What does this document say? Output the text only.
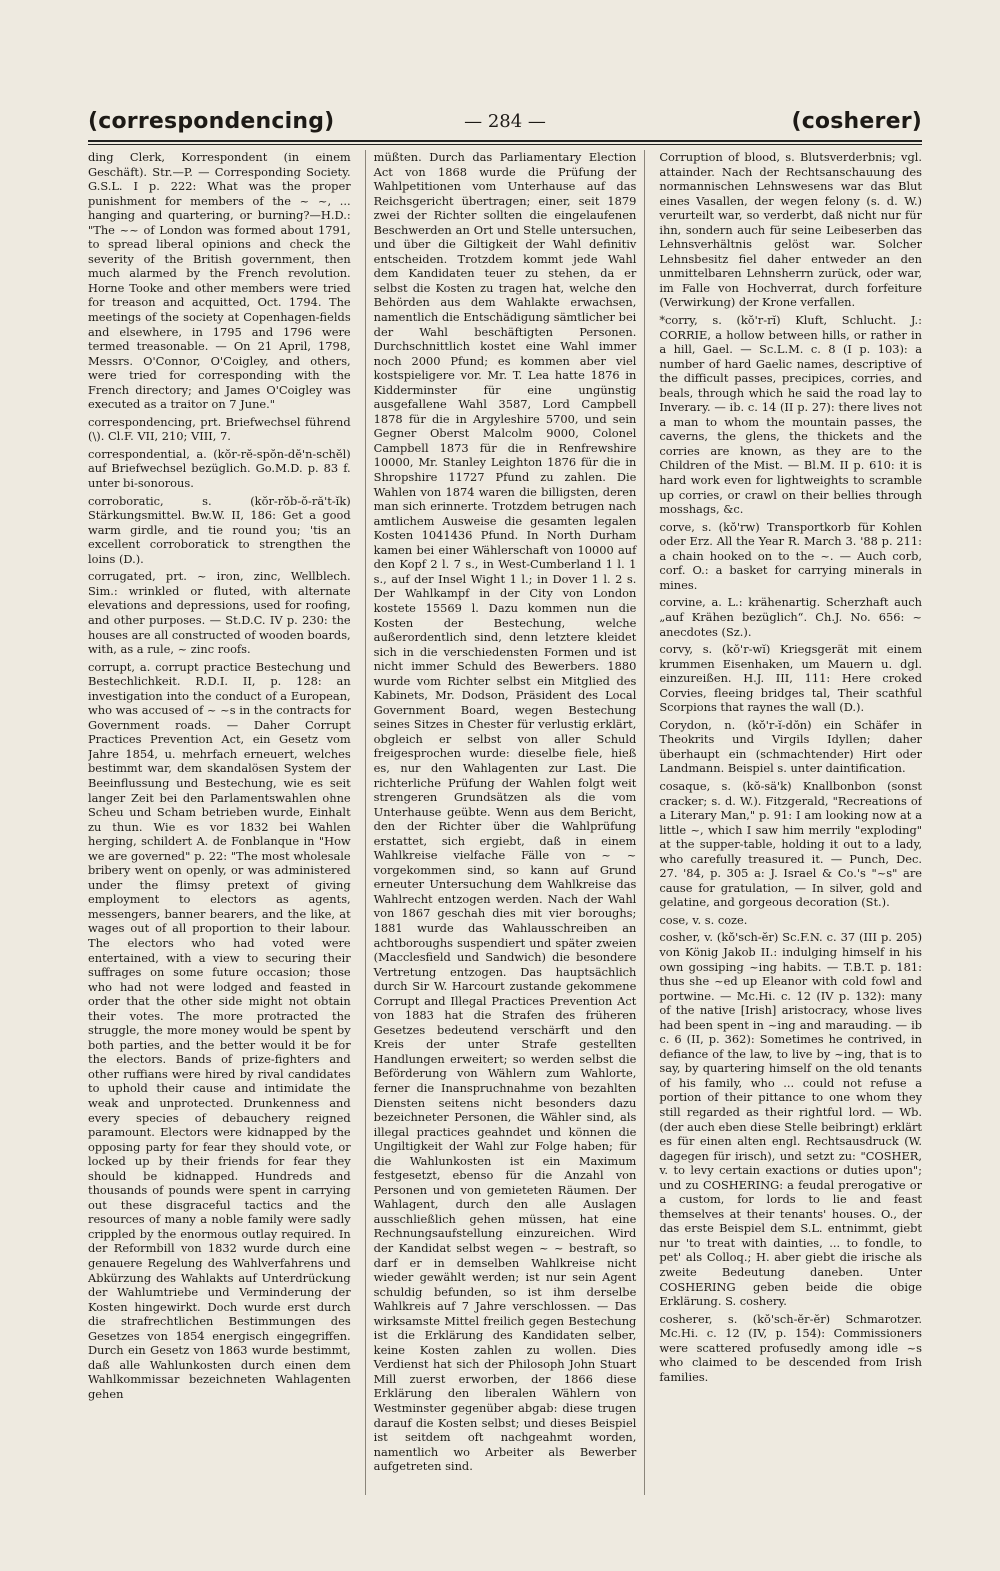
(correspondencing)	— 284 —	(cosherer)

ding Clerk, Korrespondent (in einem Geschäft). Str.—P. — Corresponding Society. G.S.L. I p. 222: What was the proper punishment for members of the ~ ~, ... hanging and quartering, or burning?—H.D.: "The ~~ of London was formed about 1791, to spread liberal opinions and check the severity of the British government, then much alarmed by the French revolution. Horne Tooke and other members were tried for treason and acquitted, Oct. 1794. The meetings of the society at Copenhagen-fields and elsewhere, in 1795 and 1796 were termed treasonable. — On 21 April, 1798, Messrs. O'Connor, O'Coigley, and others, were tried for corresponding with the French directory; and James O'Coigley was executed as a traitor on 7 June."

correspondencing, prt. Briefwechsel führend (\). Cl.F. VII, 210; VIII, 7.

correspondential, a. (kŏr-rĕ-spŏn-dĕ'n-schĕl) auf Briefwechsel bezüglich. Go.M.D. p. 83 f. unter bi-sonorous.

corroboratic, s. (kŏr-rŏb-ŏ-ră't-ĭk) Stärkungsmittel. Bw.W. II, 186: Get a good warm girdle, and tie round you; 'tis an excellent corroboratick to strengthen the loins (D.).

corrugated, prt. ~ iron, zinc, Wellblech. Sim.: wrinkled or fluted, with alternate elevations and depressions, used for roofing, and other purposes. — St.D.C. IV p. 230: the houses are all constructed of wooden boards, with, as a rule, ~ zinc roofs.

corrupt, a. corrupt practice Bestechung und Bestechlichkeit. R.D.I. II, p. 128: an investigation into the conduct of a European, who was accused of ~ ~s in the contracts for Government roads. — Daher Corrupt Practices Prevention Act, ein Gesetz vom Jahre 1854, u. mehrfach erneuert, welches bestimmt war, dem skandalösen System der Beeinflussung und Bestechung, wie es seit langer Zeit bei den Parlamentswahlen ohne Scheu und Scham betrieben wurde, Einhalt zu thun. Wie es vor 1832 bei Wahlen herging, schildert A. de Fonblanque in "How we are governed" p. 22: "The most wholesale bribery went on openly, or was administered under the flimsy pretext of giving employment to electors as agents, messengers, banner bearers, and the like, at wages out of all proportion to their labour. The electors who had voted were entertained, with a view to securing their suffrages on some future occasion; those who had not were lodged and feasted in order that the other side might not obtain their votes. The more protracted the struggle, the more money would be spent by both parties, and the better would it be for the electors. Bands of prize-fighters and other ruffians were hired by rival candidates to uphold their cause and intimidate the weak and unprotected. Drunkenness and every species of debauchery reigned paramount. Electors were kidnapped by the opposing party for fear they should vote, or locked up by their friends for fear they should be kidnapped. Hundreds and thousands of pounds were spent in carrying out these disgraceful tactics and the resources of many a noble family were sadly crippled by the enormous outlay required. In der Reformbill von 1832 wurde durch eine genauere Regelung des Wahlverfahrens und Abkürzung des Wahlakts auf Unterdrückung der Wahlumtriebe und Verminderung der Kosten hingewirkt. Doch wurde erst durch die strafrechtlichen Bestimmungen des Gesetzes von 1854 energisch eingegriffen. Durch ein Gesetz von 1863 wurde bestimmt, daß alle Wahlunkosten durch einen dem Wahlkommissar bezeichneten Wahlagenten gehen

müßten. Durch das Parliamentary Election Act von 1868 wurde die Prüfung der Wahlpetitionen vom Unterhause auf das Reichsgericht übertragen; einer, seit 1879 zwei der Richter sollten die eingelaufenen Beschwerden an Ort und Stelle untersuchen, und über die Giltigkeit der Wahl definitiv entscheiden. Trotzdem kommt jede Wahl dem Kandidaten teuer zu stehen, da er selbst die Kosten zu tragen hat, welche den Behörden aus dem Wahlakte erwachsen, namentlich die Entschädigung sämtlicher bei der Wahl beschäftigten Personen. Durchschnittlich kostet eine Wahl immer noch 2000 Pfund; es kommen aber viel kostspieligere vor. Mr. T. Lea hatte 1876 in Kidderminster für eine ungünstig ausgefallene Wahl 3587, Lord Campbell 1878 für die in Argyleshire 5700, und sein Gegner Oberst Malcolm 9000, Colonel Campbell 1873 für die in Renfrewshire 10000, Mr. Stanley Leighton 1876 für die in Shropshire 11727 Pfund zu zahlen. Die Wahlen von 1874 waren die billigsten, deren man sich erinnerte. Trotzdem betrugen nach amtlichem Ausweise die gesamten legalen Kosten 1041436 Pfund. In North Durham kamen bei einer Wählerschaft von 10000 auf den Kopf 2 l. 7 s., in West-Cumberland 1 l. 1 s., auf der Insel Wight 1 l.; in Dover 1 l. 2 s. Der Wahlkampf in der City von London kostete 15569 l. Dazu kommen nun die Kosten der Bestechung, welche außerordentlich sind, denn letztere kleidet sich in die verschiedensten Formen und ist nicht immer Schuld des Bewerbers. 1880 wurde vom Richter selbst ein Mitglied des Kabinets, Mr. Dodson, Präsident des Local Government Board, wegen Bestechung seines Sitzes in Chester für verlustig erklärt, obgleich er selbst von aller Schuld freigesprochen wurde: dieselbe fiele, hieß es, nur den Wahlagenten zur Last. Die richterliche Prüfung der Wahlen folgt weit strengeren Grundsätzen als die vom Unterhause geübte. Wenn aus dem Bericht, den der Richter über die Wahlprüfung erstattet, sich ergiebt, daß in einem Wahlkreise vielfache Fälle von ~ ~ vorgekommen sind, so kann auf Grund erneuter Untersuchung dem Wahlkreise das Wahlrecht entzogen werden. Nach der Wahl von 1867 geschah dies mit vier boroughs; 1881 wurde das Wahlausschreiben an achtboroughs suspendiert und später zweien (Macclesfield und Sandwich) die besondere Vertretung entzogen. Das hauptsächlich durch Sir W. Harcourt zustande gekommene Corrupt and Illegal Practices Prevention Act von 1883 hat die Strafen des früheren Gesetzes bedeutend verschärft und den Kreis der unter Strafe gestellten Handlungen erweitert; so werden selbst die Beförderung von Wählern zum Wahlorte, ferner die Inanspruchnahme von bezahlten Diensten seitens nicht besonders dazu bezeichneter Personen, die Wähler sind, als illegal practices geahndet und können die Ungiltigkeit der Wahl zur Folge haben; für die Wahlunkosten ist ein Maximum festgesetzt, ebenso für die Anzahl von Personen und von gemieteten Räumen. Der Wahlagent, durch den alle Auslagen ausschließlich gehen müssen, hat eine Rechnungsaufstellung einzureichen. Wird der Kandidat selbst wegen ~ ~ bestraft, so darf er in demselben Wahlkreise nicht wieder gewählt werden; ist nur sein Agent schuldig befunden, so ist ihm derselbe Wahlkreis auf 7 Jahre verschlossen. — Das wirksamste Mittel freilich gegen Bestechung ist die Erklärung des Kandidaten selber, keine Kosten zahlen zu wollen. Dies Verdienst hat sich der Philosoph John Stuart Mill zuerst erworben, der 1866 diese Erklärung den liberalen Wählern von Westminster gegenüber abgab: diese trugen darauf die Kosten selbst; und dieses Beispiel ist seitdem oft nachgeahmt worden, namentlich wo Arbeiter als Bewerber aufgetreten sind.

Corruption of blood, s. Blutsverderbnis; vgl. attainder. Nach der Rechtsanschauung des normannischen Lehnswesens war das Blut eines Vasallen, der wegen felony (s. d. W.) verurteilt war, so verderbt, daß nicht nur für ihn, sondern auch für seine Leibeserben das Lehnsverhältnis gelöst war. Solcher Lehnsbesitz fiel daher entweder an den unmittelbaren Lehnsherrn zurück, oder war, im Falle von Hochverrat, durch forfeiture (Verwirkung) der Krone verfallen.

*corry, s. (kŏ'r-rĭ) Kluft, Schlucht. J.: CORRIE, a hollow between hills, or rather in a hill, Gael. — Sc.L.M. c. 8 (I p. 103): a number of hard Gaelic names, descriptive of the difficult passes, precipices, corries, and beals, through which he said the road lay to Inverary. — ib. c. 14 (II p. 27): there lives not a man to whom the mountain passes, the caverns, the glens, the thickets and the corries are known, as they are to the Children of the Mist. — Bl.M. II p. 610: it is hard work even for lightweights to scramble up corries, or crawl on their bellies through mosshags, &c.

corve, s. (kŏ'rw) Transportkorb für Kohlen oder Erz. All the Year R. March 3. '88 p. 211: a chain hooked on to the ~. — Auch corb, corf. O.: a basket for carrying minerals in mines.

corvine, a. L.: krähenartig. Scherzhaft auch „auf Krähen bezüglich“. Ch.J. No. 656: ~ anecdotes (Sz.).

corvy, s. (kŏ'r-wĭ) Kriegsgerät mit einem krummen Eisenhaken, um Mauern u. dgl. einzureißen. H.J. III, 111: Here croked Corvies, fleeing bridges tal, Their scathful Scorpions that raynes the wall (D.).

Corydon, n. (kŏ'r-ĭ-dŏn) ein Schäfer in Theokrits und Virgils Idyllen; daher überhaupt ein (schmachtender) Hirt oder Landmann. Beispiel s. unter daintification.

cosaque, s. (kŏ-sä'k) Knallbonbon (sonst cracker; s. d. W.). Fitzgerald, "Recreations of a Literary Man," p. 91: I am looking now at a little ~, which I saw him merrily "exploding" at the supper-table, holding it out to a lady, who carefully treasured it. — Punch, Dec. 27. '84, p. 305 a: J. Israel & Co.'s "~s" are cause for gratulation, — In silver, gold and gelatine, and gorgeous decoration (St.).

cose, v. s. coze.

cosher, v. (kŏ'sch-ĕr) Sc.F.N. c. 37 (III p. 205) von König Jakob II.: indulging himself in his own gossiping ~ing habits. — T.B.T. p. 181: thus she ~ed up Eleanor with cold fowl and portwine. — Mc.Hi. c. 12 (IV p. 132): many of the native [Irish] aristocracy, whose lives had been spent in ~ing and marauding. — ib c. 6 (II, p. 362): Sometimes he contrived, in defiance of the law, to live by ~ing, that is to say, by quartering himself on the old tenants of his family, who ... could not refuse a portion of their pittance to one whom they still regarded as their rightful lord. — Wb. (der auch eben diese Stelle beibringt) erklärt es für einen alten engl. Rechtsausdruck (W. dagegen für irisch), und setzt zu: "COSHER, v. to levy certain exactions or duties upon"; und zu COSHERING: a feudal prerogative or a custom, for lords to lie and feast themselves at their tenants' houses. O., der das erste Beispiel dem S.L. entnimmt, giebt nur 'to treat with dainties, ... to fondle, to pet' als Colloq.; H. aber giebt die irische als zweite Bedeutung daneben. Unter COSHERING geben beide die obige Erklärung. S. coshery.

cosherer, s. (kŏ'sch-ĕr-ĕr) Schmarotzer. Mc.Hi. c. 12 (IV, p. 154): Commissioners were scattered profusedly among idle ~s who claimed to be descended from Irish families.
